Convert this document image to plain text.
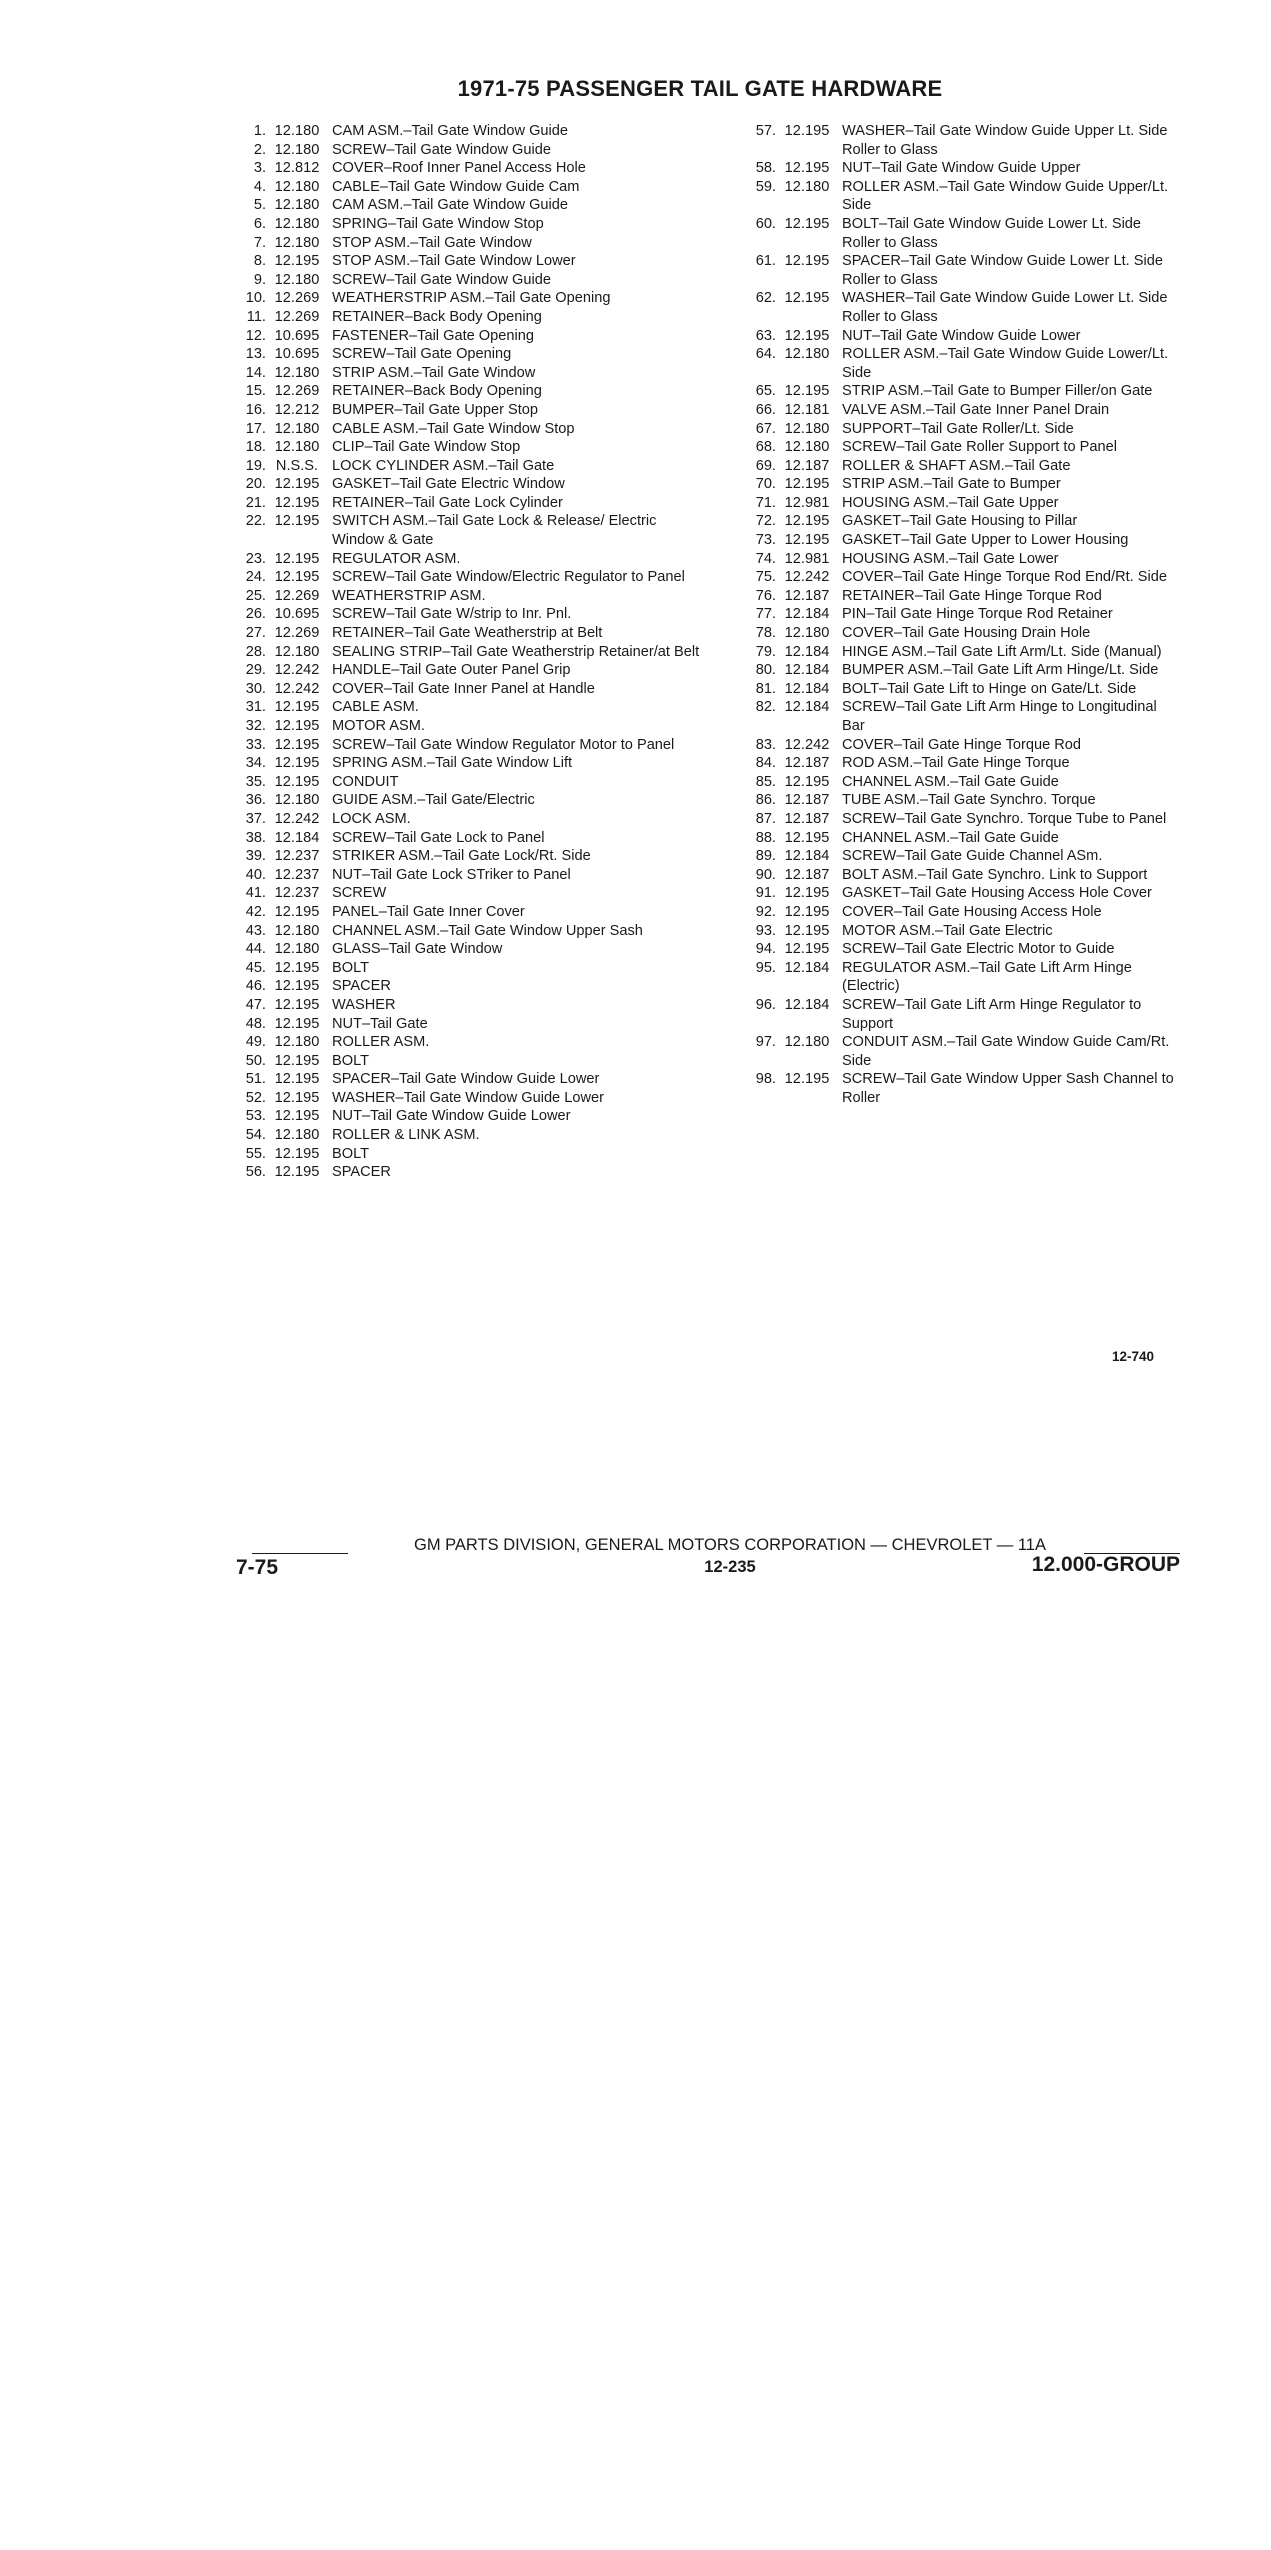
1971-75 PASSENGER TAIL GATE HARDWARE
1. 12.180 CAM ASM.–Tail Gate Window Guide
2. 12.180 SCREW–Tail Gate Window Guide
3. 12.812 COVER–Roof Inner Panel Access Hole
4. 12.180 CABLE–Tail Gate Window Guide Cam
5. 12.180 CAM ASM.–Tail Gate Window Guide
6. 12.180 SPRING–Tail Gate Window Stop
7. 12.180 STOP ASM.–Tail Gate Window
8. 12.195 STOP ASM.–Tail Gate Window Lower
9. 12.180 SCREW–Tail Gate Window Guide
10. 12.269 WEATHERSTRIP ASM.–Tail Gate Opening
11. 12.269 RETAINER–Back Body Opening
12. 10.695 FASTENER–Tail Gate Opening
13. 10.695 SCREW–Tail Gate Opening
14. 12.180 STRIP ASM.–Tail Gate Window
15. 12.269 RETAINER–Back Body Opening
16. 12.212 BUMPER–Tail Gate Upper Stop
17. 12.180 CABLE ASM.–Tail Gate Window Stop
18. 12.180 CLIP–Tail Gate Window Stop
19. N.S.S. LOCK CYLINDER ASM.–Tail Gate
20. 12.195 GASKET–Tail Gate Electric Window
21. 12.195 RETAINER–Tail Gate Lock Cylinder
22. 12.195 SWITCH ASM.–Tail Gate Lock & Release/ Electric Window & Gate
23. 12.195 REGULATOR ASM.
24. 12.195 SCREW–Tail Gate Window/Electric Regulator to Panel
25. 12.269 WEATHERSTRIP ASM.
26. 10.695 SCREW–Tail Gate W/strip to Inr. Pnl.
27. 12.269 RETAINER–Tail Gate Weatherstrip at Belt
28. 12.180 SEALING STRIP–Tail Gate Weatherstrip Retainer/at Belt
29. 12.242 HANDLE–Tail Gate Outer Panel Grip
30. 12.242 COVER–Tail Gate Inner Panel at Handle
31. 12.195 CABLE ASM.
32. 12.195 MOTOR ASM.
33. 12.195 SCREW–Tail Gate Window Regulator Motor to Panel
34. 12.195 SPRING ASM.–Tail Gate Window Lift
35. 12.195 CONDUIT
36. 12.180 GUIDE ASM.–Tail Gate/Electric
37. 12.242 LOCK ASM.
38. 12.184 SCREW–Tail Gate Lock to Panel
39. 12.237 STRIKER ASM.–Tail Gate Lock/Rt. Side
40. 12.237 NUT–Tail Gate Lock STriker to Panel
41. 12.237 SCREW
42. 12.195 PANEL–Tail Gate Inner Cover
43. 12.180 CHANNEL ASM.–Tail Gate Window Upper Sash
44. 12.180 GLASS–Tail Gate Window
45. 12.195 BOLT
46. 12.195 SPACER
47. 12.195 WASHER
48. 12.195 NUT–Tail Gate
49. 12.180 ROLLER ASM.
50. 12.195 BOLT
51. 12.195 SPACER–Tail Gate Window Guide Lower
52. 12.195 WASHER–Tail Gate Window Guide Lower
53. 12.195 NUT–Tail Gate Window Guide Lower
54. 12.180 ROLLER & LINK ASM.
55. 12.195 BOLT
56. 12.195 SPACER
57. 12.195 WASHER–Tail Gate Window Guide Upper Lt. Side Roller to Glass
58. 12.195 NUT–Tail Gate Window Guide Upper
59. 12.180 ROLLER ASM.–Tail Gate Window Guide Upper/Lt. Side
60. 12.195 BOLT–Tail Gate Window Guide Lower Lt. Side Roller to Glass
61. 12.195 SPACER–Tail Gate Window Guide Lower Lt. Side Roller to Glass
62. 12.195 WASHER–Tail Gate Window Guide Lower Lt. Side Roller to Glass
63. 12.195 NUT–Tail Gate Window Guide Lower
64. 12.180 ROLLER ASM.–Tail Gate Window Guide Lower/Lt. Side
65. 12.195 STRIP ASM.–Tail Gate to Bumper Filler/on Gate
66. 12.181 VALVE ASM.–Tail Gate Inner Panel Drain
67. 12.180 SUPPORT–Tail Gate Roller/Lt. Side
68. 12.180 SCREW–Tail Gate Roller Support to Panel
69. 12.187 ROLLER & SHAFT ASM.–Tail Gate
70. 12.195 STRIP ASM.–Tail Gate to Bumper
71. 12.981 HOUSING ASM.–Tail Gate Upper
72. 12.195 GASKET–Tail Gate Housing to Pillar
73. 12.195 GASKET–Tail Gate Upper to Lower Housing
74. 12.981 HOUSING ASM.–Tail Gate Lower
75. 12.242 COVER–Tail Gate Hinge Torque Rod End/Rt. Side
76. 12.187 RETAINER–Tail Gate Hinge Torque Rod
77. 12.184 PIN–Tail Gate Hinge Torque Rod Retainer
78. 12.180 COVER–Tail Gate Housing Drain Hole
79. 12.184 HINGE ASM.–Tail Gate Lift Arm/Lt. Side (Manual)
80. 12.184 BUMPER ASM.–Tail Gate Lift Arm Hinge/Lt. Side
81. 12.184 BOLT–Tail Gate Lift to Hinge on Gate/Lt. Side
82. 12.184 SCREW–Tail Gate Lift Arm Hinge to Longitudinal Bar
83. 12.242 COVER–Tail Gate Hinge Torque Rod
84. 12.187 ROD ASM.–Tail Gate Hinge Torque
85. 12.195 CHANNEL ASM.–Tail Gate Guide
86. 12.187 TUBE ASM.–Tail Gate Synchro. Torque
87. 12.187 SCREW–Tail Gate Synchro. Torque Tube to Panel
88. 12.195 CHANNEL ASM.–Tail Gate Guide
89. 12.184 SCREW–Tail Gate Guide Channel ASm.
90. 12.187 BOLT ASM.–Tail Gate Synchro. Link to Support
91. 12.195 GASKET–Tail Gate Housing Access Hole Cover
92. 12.195 COVER–Tail Gate Housing Access Hole
93. 12.195 MOTOR ASM.–Tail Gate Electric
94. 12.195 SCREW–Tail Gate Electric Motor to Guide
95. 12.184 REGULATOR ASM.–Tail Gate Lift Arm Hinge (Electric)
96. 12.184 SCREW–Tail Gate Lift Arm Hinge Regulator to Support
97. 12.180 CONDUIT ASM.–Tail Gate Window Guide Cam/Rt. Side
98. 12.195 SCREW–Tail Gate Window Upper Sash Channel to Roller
12-740
GM PARTS DIVISION, GENERAL MOTORS CORPORATION — CHEVROLET — 11A
7-75	12-235	12.000-GROUP
